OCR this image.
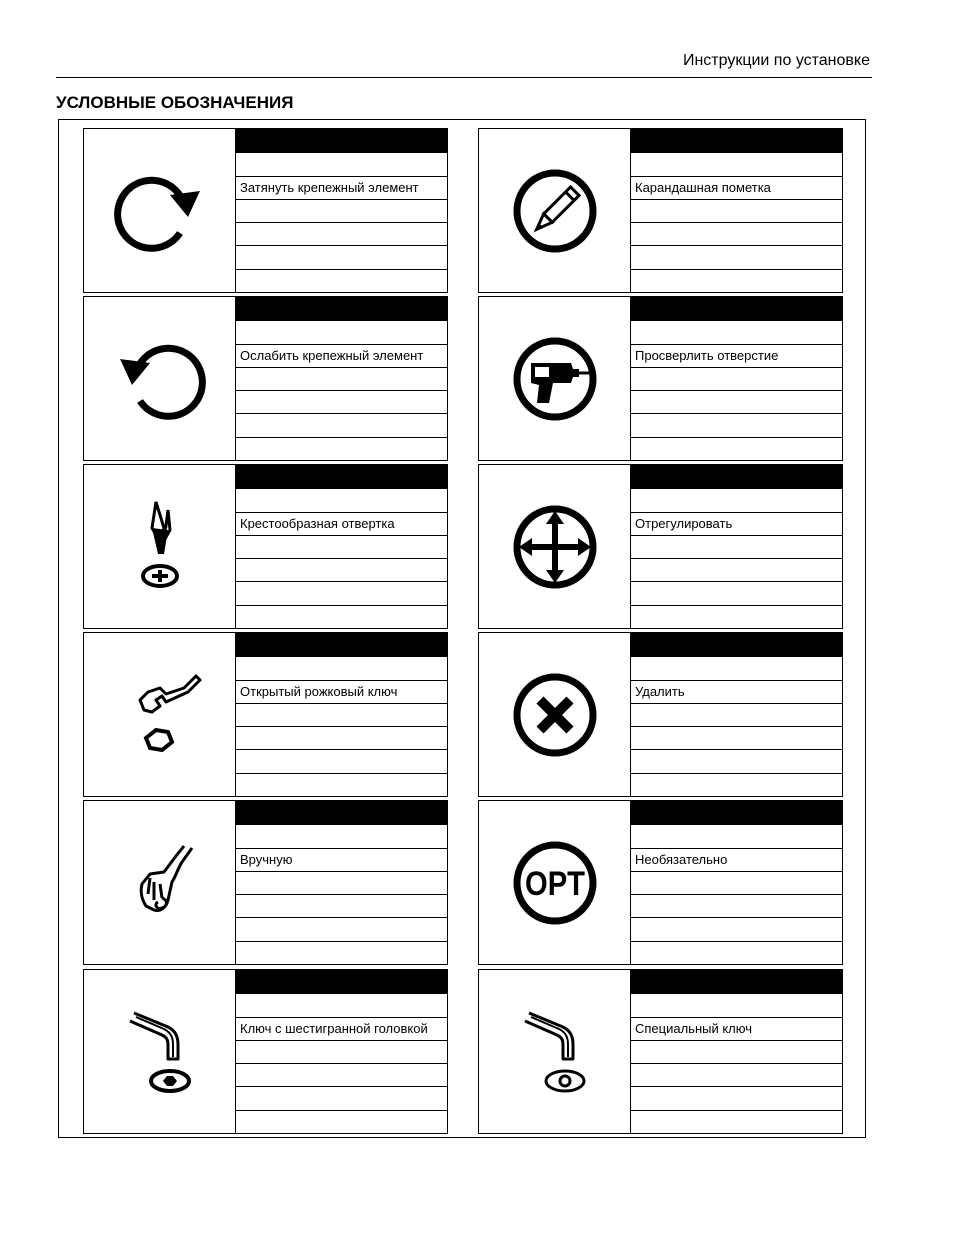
Инструкции по установке
УСЛОВНЫЕ ОБОЗНАЧЕНИЯ
Затянуть крепежный элемент	Карандашная пометка
Ослабить крепежный элемент	Просверлить отверстие
Крестообразная отвертка	Отрегулировать
Открытый рожковый ключ	Удалить
Вручную
OPT
Необязательно
Ключ с шестигранной головкой	Специальный ключ
